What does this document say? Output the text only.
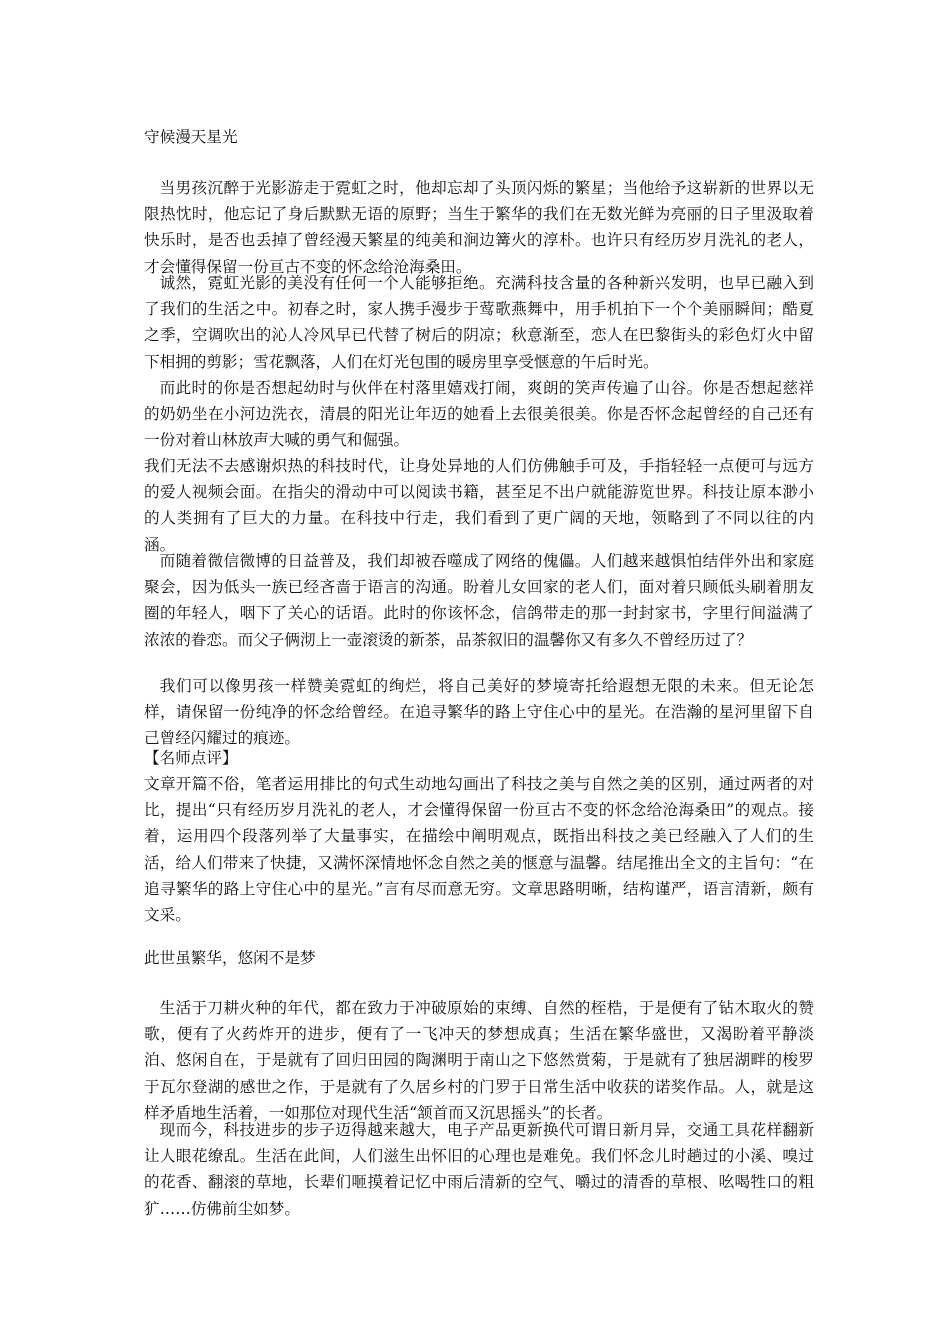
守候漫天星光
当男孩沉醉于光影游走于霓虹之时，他却忘却了头顶闪烁的繁星；当他给予这崭新的世界以无限热忱时，他忘记了身后默默无语的原野；当生于繁华的我们在无数光鲜为亮丽的日子里汲取着快乐时，是否也丢掉了曾经漫天繁星的纯美和涧边篝火的淳朴。也许只有经历岁月洗礼的老人，才会懂得保留一份亘古不变的怀念给沧海桑田。
诚然，霓虹光影的美没有任何一个人能够拒绝。充满科技含量的各种新兴发明，也早已融入到了我们的生活之中。初春之时，家人携手漫步于莺歌燕舞中，用手机拍下一个个美丽瞬间；酷夏之季，空调吹出的沁人冷风早已代替了树后的阴凉；秋意渐至，恋人在巴黎街头的彩色灯火中留下相拥的剪影；雪花飘落，人们在灯光包围的暖房里享受惬意的午后时光。
而此时的你是否想起幼时与伙伴在村落里嬉戏打闹，爽朗的笑声传遍了山谷。你是否想起慈祥的奶奶坐在小河边洗衣，清晨的阳光让年迈的她看上去很美很美。你是否怀念起曾经的自己还有一份对着山林放声大喊的勇气和倔强。
我们无法不去感谢炽热的科技时代，让身处异地的人们仿佛触手可及，手指轻轻一点便可与远方的爱人视频会面。在指尖的滑动中可以阅读书籍，甚至足不出户就能游览世界。科技让原本渺小的人类拥有了巨大的力量。在科技中行走，我们看到了更广阔的天地，领略到了不同以往的内涵。
而随着微信微博的日益普及，我们却被吞噬成了网络的傀儡。人们越来越惧怕结伴外出和家庭聚会，因为低头一族已经吝啬于语言的沟通。盼着儿女回家的老人们，面对着只顾低头刷着朋友圈的年轻人，咽下了关心的话语。此时的你该怀念，信鸽带走的那一封封家书，字里行间溢满了浓浓的眷恋。而父子俩沏上一壶滚烫的新茶，品茶叙旧的温馨你又有多久不曾经历过了？
我们可以像男孩一样赞美霓虹的绚烂，将自己美好的梦境寄托给遐想无限的未来。但无论怎样，请保留一份纯净的怀念给曾经。在追寻繁华的路上守住心中的星光。在浩瀚的星河里留下自己曾经闪耀过的痕迹。
【名师点评】
文章开篇不俗，笔者运用排比的句式生动地勾画出了科技之美与自然之美的区别，通过两者的对比，提出“只有经历岁月洗礼的老人，才会懂得保留一份亘古不变的怀念给沧海桑田”的观点。接着，运用四个段落列举了大量事实，在描绘中阐明观点，既指出科技之美已经融入了人们的生活，给人们带来了快捷，又满怀深情地怀念自然之美的惬意与温馨。结尾推出全文的主旨句：“在追寻繁华的路上守住心中的星光。”言有尽而意无穷。文章思路明晰，结构谨严，语言清新，颇有文采。
此世虽繁华，悠闲不是梦
生活于刀耕火种的年代，都在致力于冲破原始的束缚、自然的桎梏，于是便有了钻木取火的赞歌，便有了火药炸开的进步，便有了一飞冲天的梦想成真；生活在繁华盛世，又渴盼着平静淡泊、悠闲自在，于是就有了回归田园的陶渊明于南山之下悠然赏菊，于是就有了独居湖畔的梭罗于瓦尔登湖的感世之作，于是就有了久居乡村的门罗于日常生活中收获的诺奖作品。人，就是这样矛盾地生活着，一如那位对现代生活“颔首而又沉思摇头”的长者。
现而今，科技进步的步子迈得越来越大，电子产品更新换代可谓日新月异，交通工具花样翻新让人眼花缭乱。生活在此间，人们滋生出怀旧的心理也是难免。我们怀念儿时趟过的小溪、嗅过的花香、翻滚的草地，长辈们咂摸着记忆中雨后清新的空气、嚼过的清香的草根、吆喝牲口的粗犷……仿佛前尘如梦。
